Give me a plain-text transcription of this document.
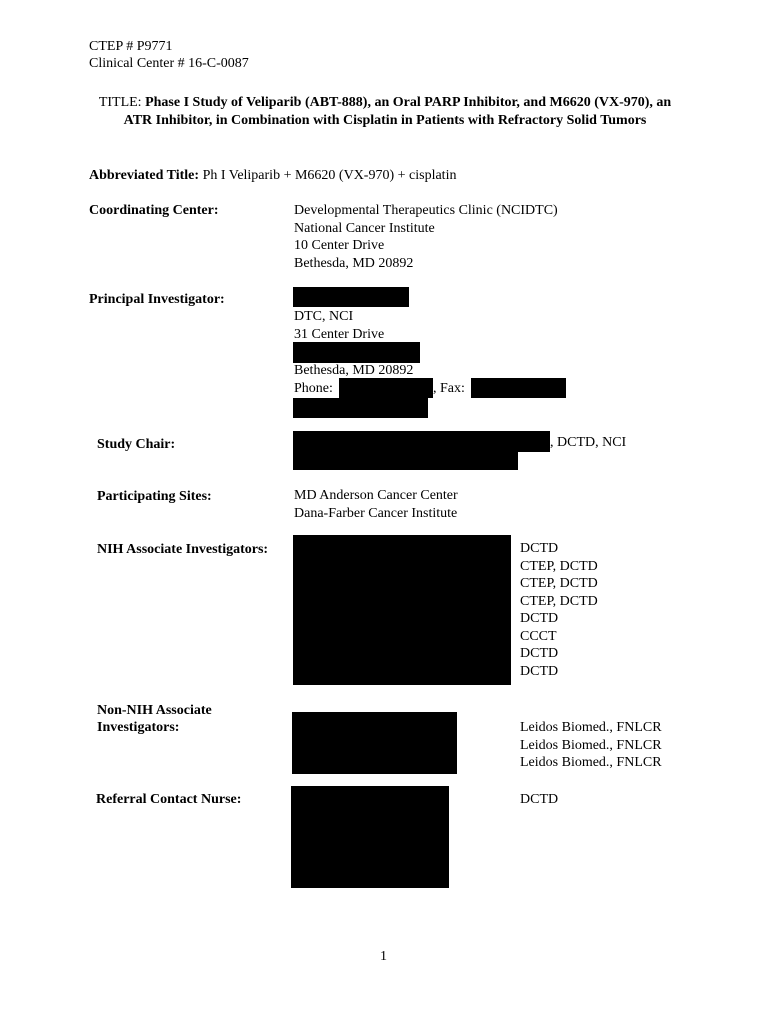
CTEP # P9771
Clinical Center # 16-C-0087
TITLE: Phase I Study of Veliparib (ABT-888), an Oral PARP Inhibitor, and M6620 (VX-970), an ATR Inhibitor, in Combination with Cisplatin in Patients with Refractory Solid Tumors
Abbreviated Title: Ph I Veliparib + M6620 (VX-970) + cisplatin
Coordinating Center:	Developmental Therapeutics Clinic (NCIDTC)
National Cancer Institute
10 Center Drive
Bethesda, MD 20892
Principal Investigator:
DTC, NCI
31 Center Drive
Bethesda, MD 20892
Phone:	, Fax:
Study Chair:	, DCTD, NCI
Participating Sites:	MD Anderson Cancer Center
Dana-Farber Cancer Institute
NIH Associate Investigators:	DCTD
CTEP, DCTD
CTEP, DCTD
CTEP, DCTD
DCTD
CCCT
DCTD
DCTD
Non-NIH Associate
Investigators:	Leidos Biomed., FNLCR
Leidos Biomed., FNLCR
Leidos Biomed., FNLCR
Referral Contact Nurse:	DCTD
1
